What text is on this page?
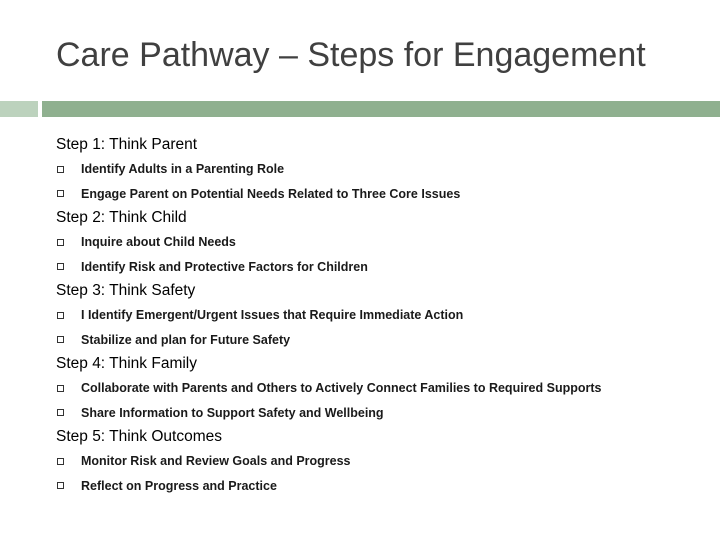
Care Pathway – Steps for Engagement
Step 1: Think Parent
Identify Adults in a Parenting Role
Engage Parent on Potential Needs Related to Three Core Issues
Step 2: Think Child
Inquire about Child Needs
Identify Risk and Protective Factors for Children
Step 3: Think Safety
I Identify Emergent/Urgent Issues that Require Immediate Action
Stabilize and plan for Future Safety
Step 4: Think Family
Collaborate with Parents and Others to Actively Connect Families to Required Supports
Share Information to Support Safety and Wellbeing
Step 5: Think Outcomes
Monitor Risk and Review Goals and Progress
Reflect on Progress and Practice
